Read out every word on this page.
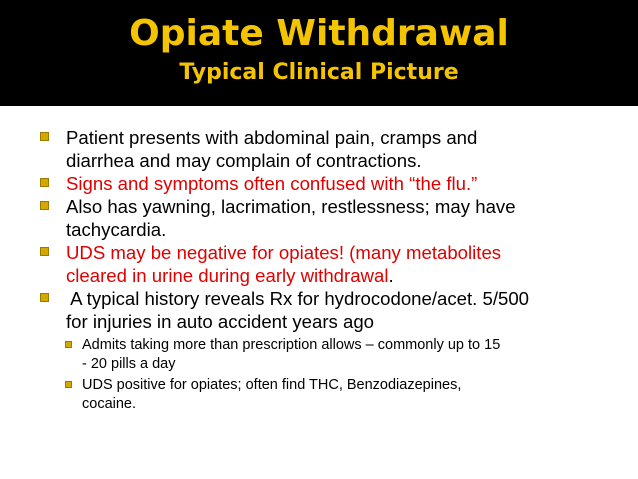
Opiate Withdrawal
Typical Clinical Picture
Patient presents with abdominal pain, cramps and
diarrhea and may complain of contractions.
Signs and symptoms often confused with “the flu.”
Also has yawning, lacrimation, restlessness; may have
tachycardia.
UDS may be negative for opiates! (many metabolites
cleared in urine during early withdrawal.
A typical history reveals Rx for hydrocodone/acet. 5/500
for injuries in auto accident years ago
Admits taking more than prescription allows – commonly up to 15
- 20 pills a day
UDS positive for opiates; often find THC, Benzodiazepines,
cocaine.
